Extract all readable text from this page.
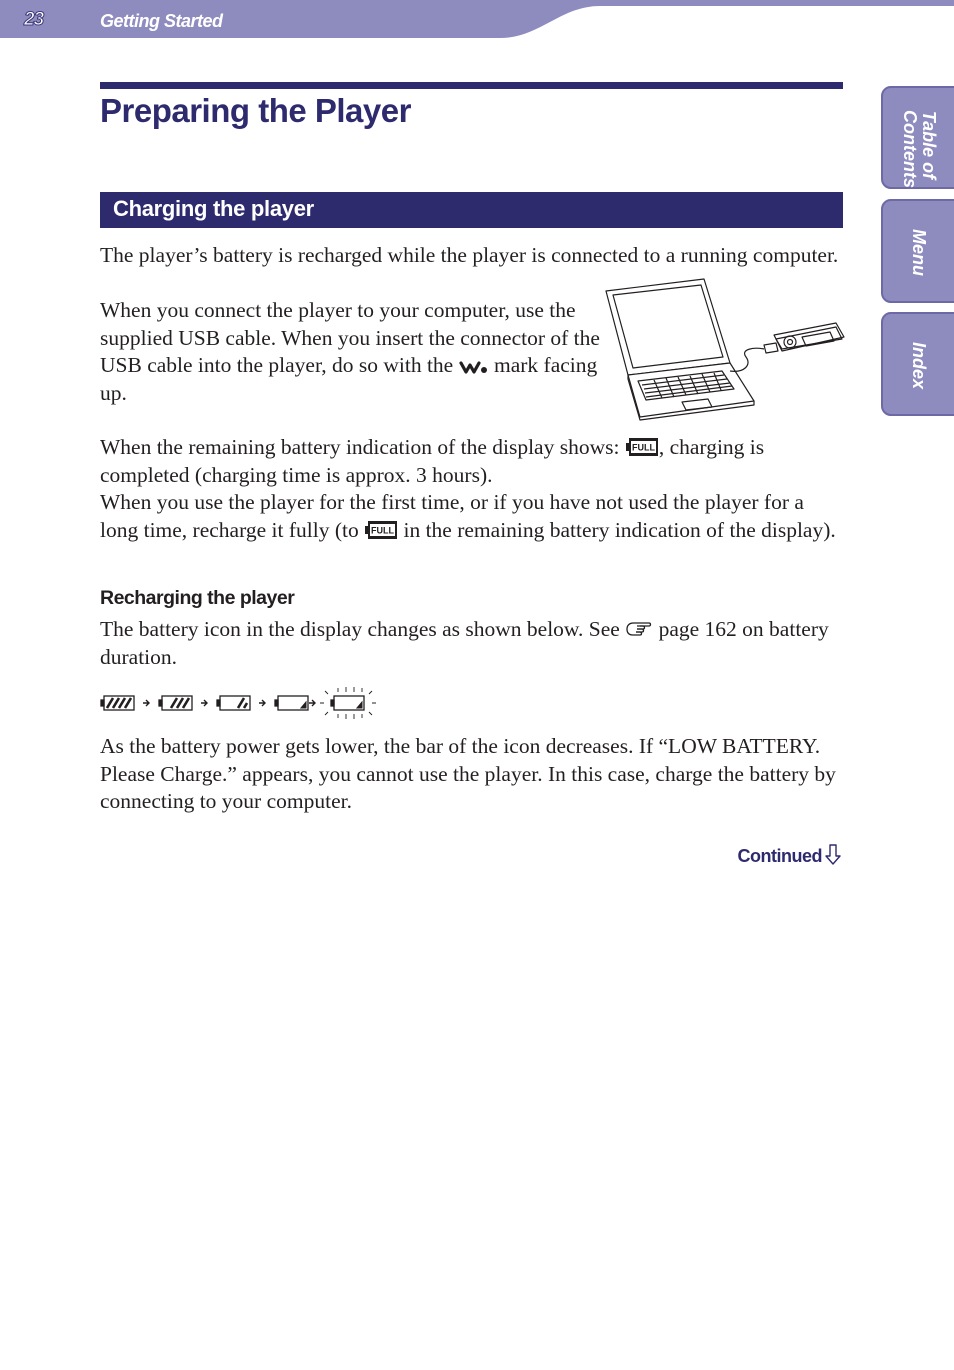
23	Getting Started
Table of
Contents
Menu
Index
Preparing the Player
Charging the player

The player’s battery is recharged while the player is connected to a running computer.

When you connect the player to your computer, use the supplied USB cable. When you insert the connector of the USB cable into the player, do so with the  mark facing up.

When the remaining battery indication of the display shows: FULL , charging is completed (charging time is approx. 3 hours).
When you use the player for the first time, or if you have not used the player for a long time, recharge it fully (to FULL in the remaining battery indication of the display).

Recharging the player

The battery icon in the display changes as shown below. See  page 162 on battery duration.

As the battery power gets lower, the bar of the icon decreases. If “LOW BATTERY. Please Charge.” appears, you cannot use the player. In this case, charge the battery by connecting to your computer.

Continued
